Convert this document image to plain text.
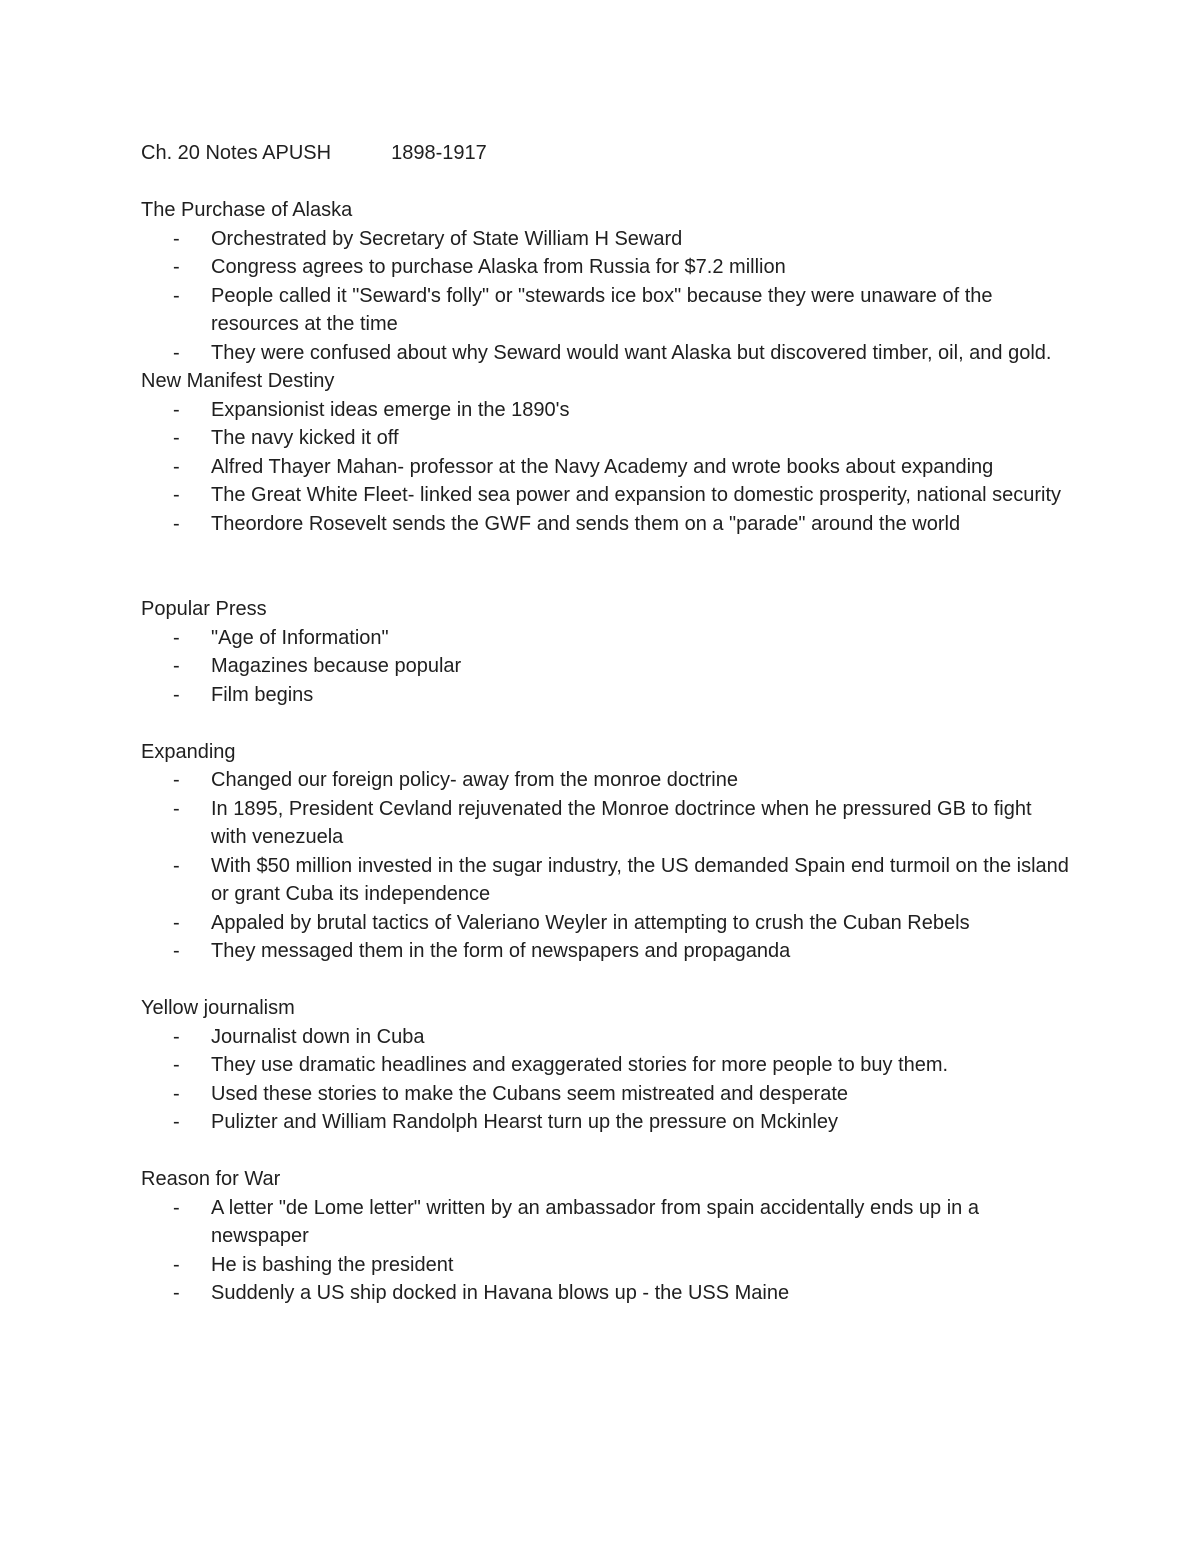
Ch. 20 Notes APUSH	1898-1917

The Purchase of Alaska

- Orchestrated by Secretary of State William H Seward
- Congress agrees to purchase Alaska from Russia for $7.2 million
- People called it "Seward's folly" or "stewards ice box" because they were unaware of the resources at the time
- They were confused about why Seward would want Alaska but discovered timber, oil, and gold.

New Manifest Destiny

- Expansionist ideas emerge in the 1890's
- The navy kicked it off
- Alfred Thayer Mahan- professor at the Navy Academy and wrote books about expanding
- The Great White Fleet- linked sea power and expansion to domestic prosperity, national security
- Theordore Rosevelt sends the GWF and sends them on a "parade" around the world

Popular Press

- "Age of Information"
- Magazines because popular
- Film begins

Expanding

- Changed our foreign policy- away from the monroe doctrine
- In 1895, President Cevland rejuvenated the Monroe doctrince when he pressured GB to fight with venezuela
- With $50 million invested in the sugar industry, the US demanded Spain end turmoil on the island or grant Cuba its independence
- Appaled by brutal tactics of Valeriano Weyler in attempting to crush the Cuban Rebels
- They messaged them in the form of newspapers and propaganda

Yellow journalism

- Journalist down in Cuba
- They use dramatic headlines and exaggerated stories for more people to buy them.
- Used these stories to make the Cubans seem mistreated and desperate
- Pulizter and William Randolph Hearst turn up the pressure on Mckinley

Reason for War

- A letter "de Lome letter" written by an ambassador from spain accidentally ends up in a newspaper
- He is bashing the president
- Suddenly a US ship docked in Havana blows up - the USS Maine
